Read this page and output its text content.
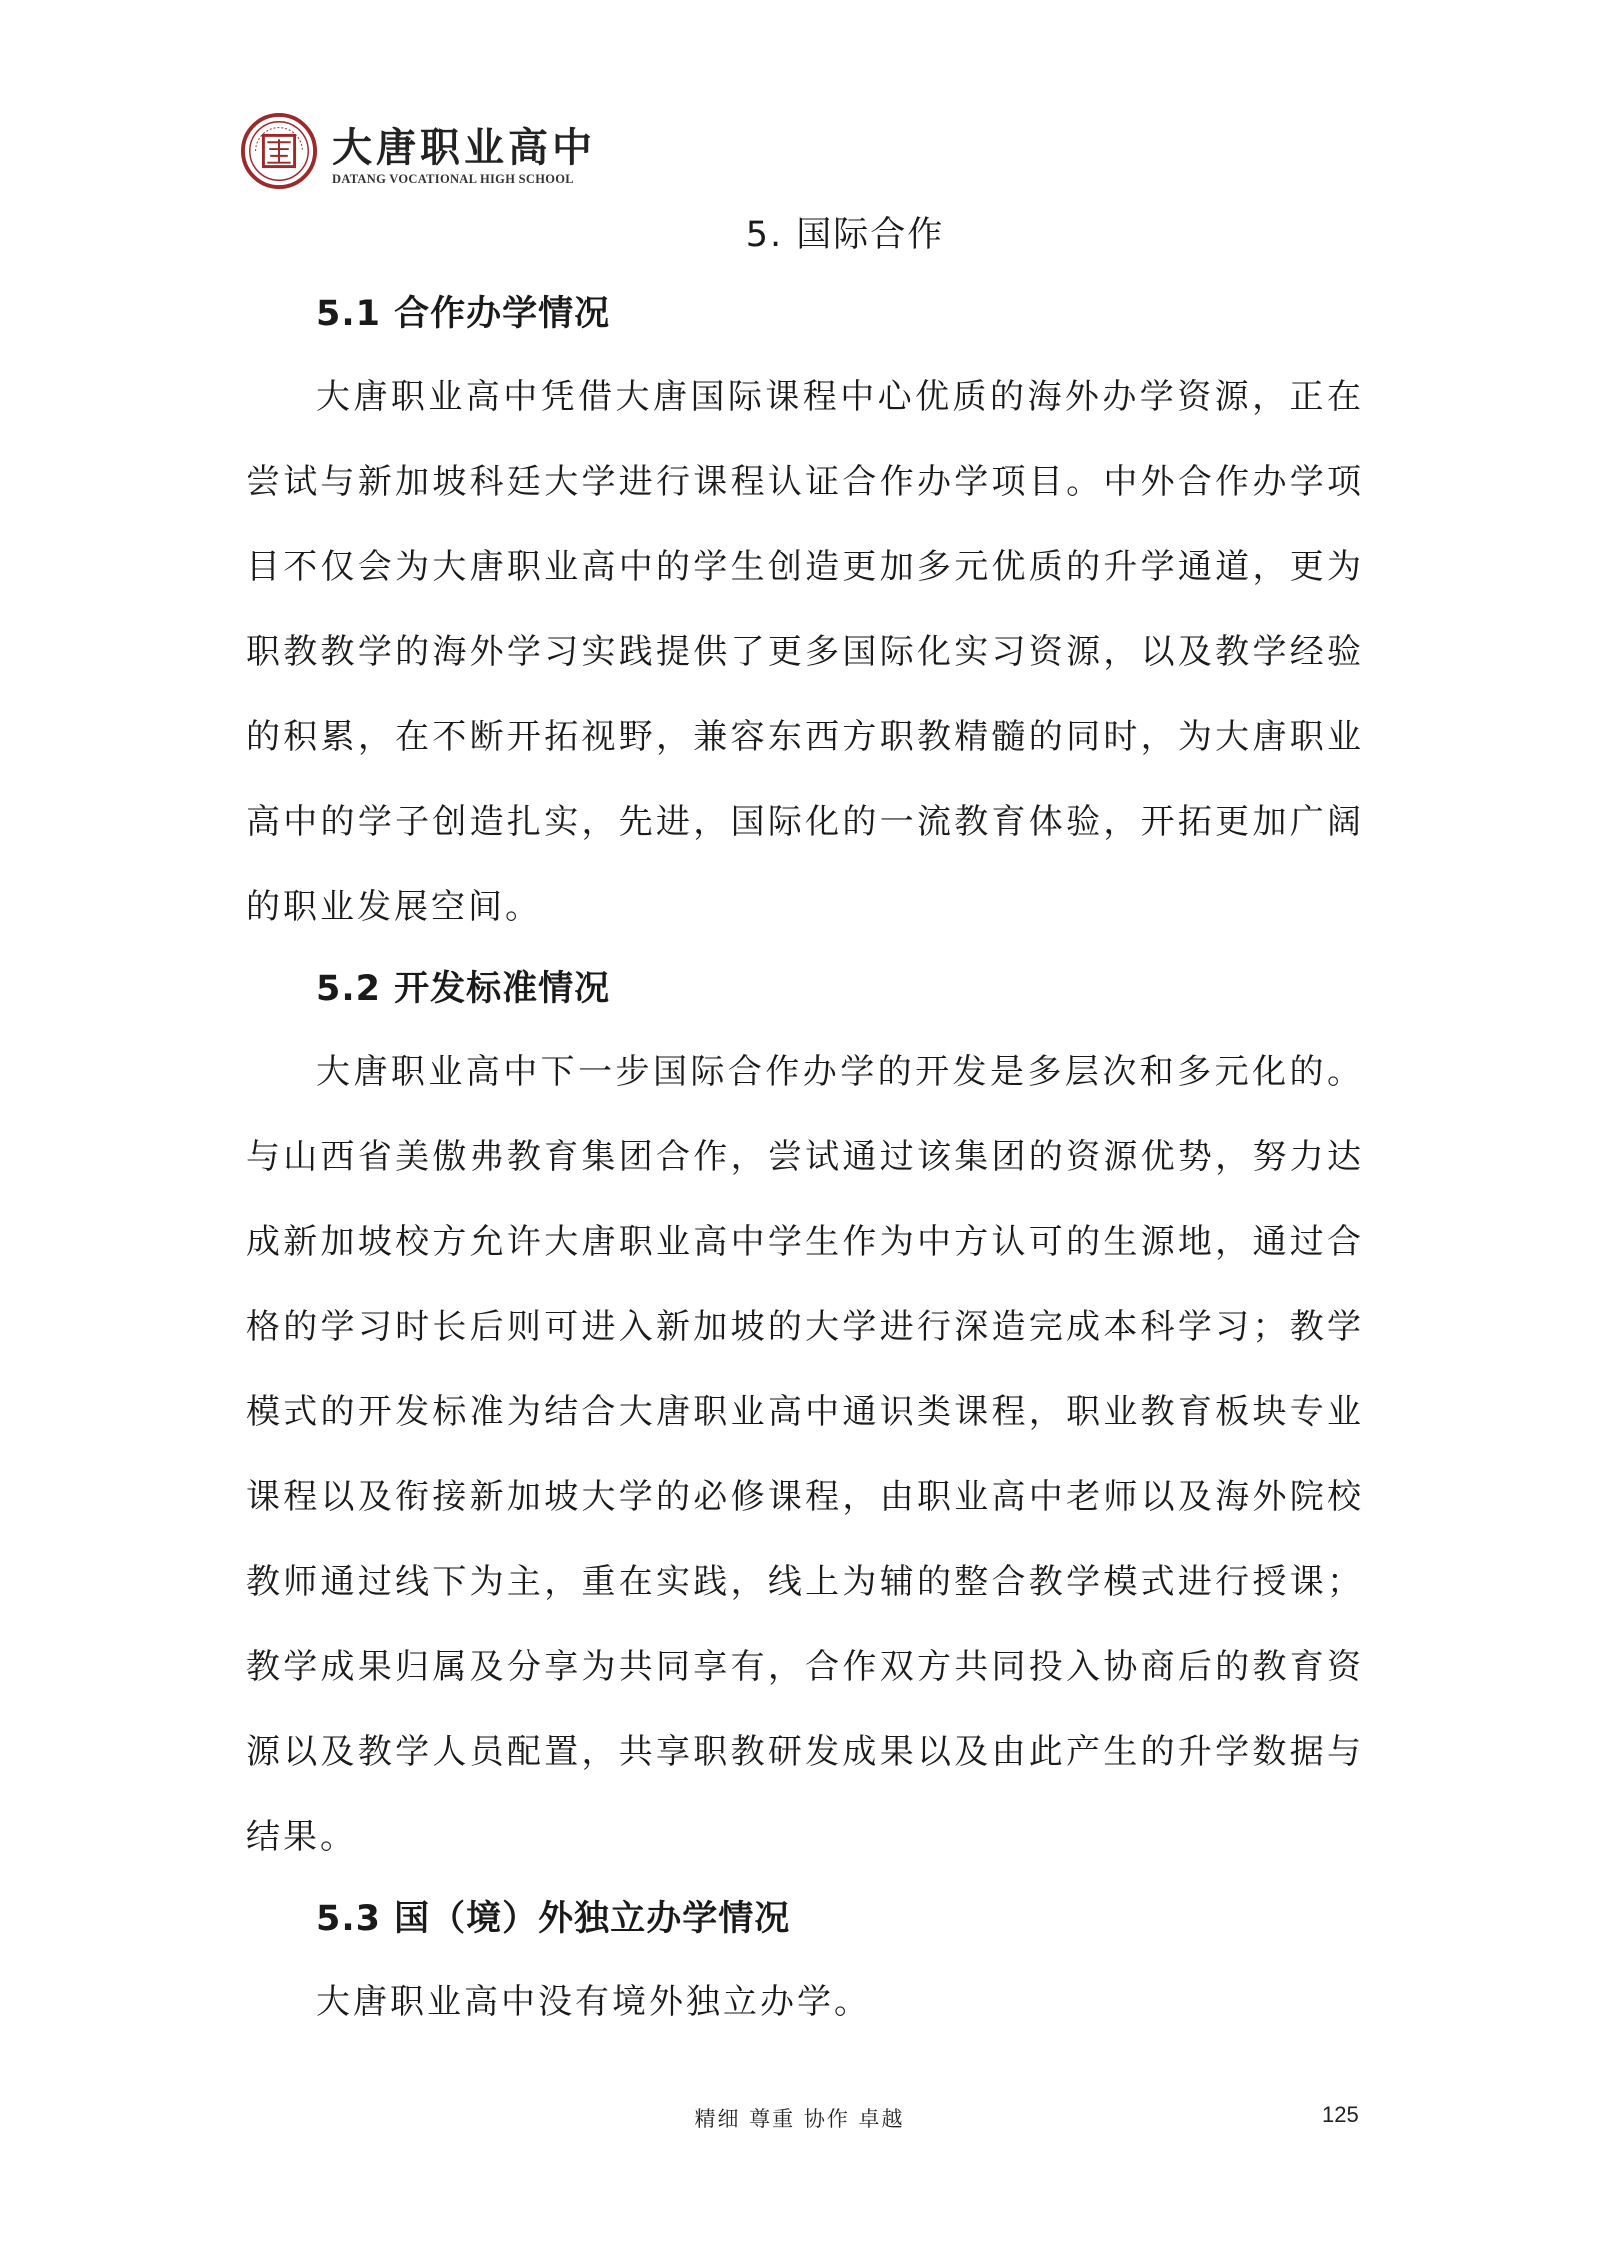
大唐职业高中
DATANG VOCATIONAL HIGH SCHOOL
5. 国际合作
5.1 合作办学情况

大唐职业高中凭借大唐国际课程中心优质的海外办学资源，正在尝试与新加坡科廷大学进行课程认证合作办学项目。中外合作办学项目不仅会为大唐职业高中的学生创造更加多元优质的升学通道，更为职教教学的海外学习实践提供了更多国际化实习资源，以及教学经验的积累，在不断开拓视野，兼容东西方职教精髓的同时，为大唐职业高中的学子创造扎实，先进，国际化的一流教育体验，开拓更加广阔的职业发展空间。

5.2 开发标准情况

大唐职业高中下一步国际合作办学的开发是多层次和多元化的。与山西省美傲弗教育集团合作，尝试通过该集团的资源优势，努力达成新加坡校方允许大唐职业高中学生作为中方认可的生源地，通过合格的学习时长后则可进入新加坡的大学进行深造完成本科学习；教学模式的开发标准为结合大唐职业高中通识类课程，职业教育板块专业课程以及衔接新加坡大学的必修课程，由职业高中老师以及海外院校教师通过线下为主，重在实践，线上为辅的整合教学模式进行授课；教学成果归属及分享为共同享有，合作双方共同投入协商后的教育资源以及教学人员配置，共享职教研发成果以及由此产生的升学数据与结果。

5.3 国（境）外独立办学情况

大唐职业高中没有境外独立办学。

精细 尊重 协作 卓越	125
